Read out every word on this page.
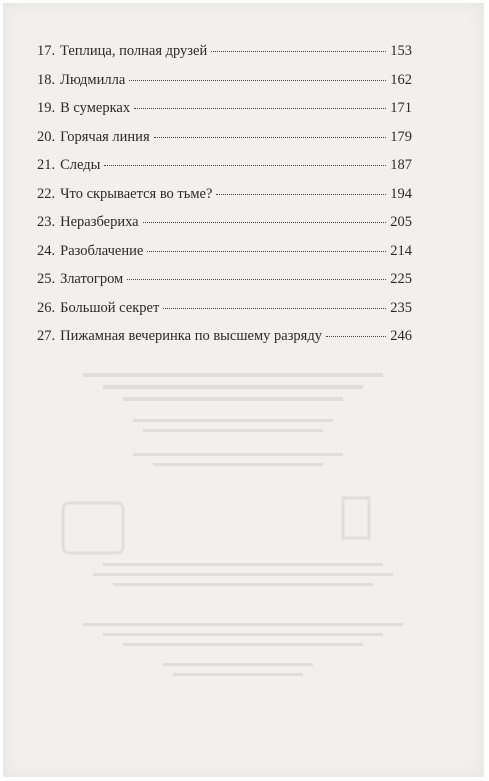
17. Теплица, полная друзей	153
18. Людмилла	162
19. В сумерках	171
20. Горячая линия	179
21. Следы	187
22. Что скрывается во тьме?	194
23. Неразбериха	205
24. Разоблачение	214
25. Златогром	225
26. Большой секрет	235
27. Пижамная вечеринка по высшему разряду	246
